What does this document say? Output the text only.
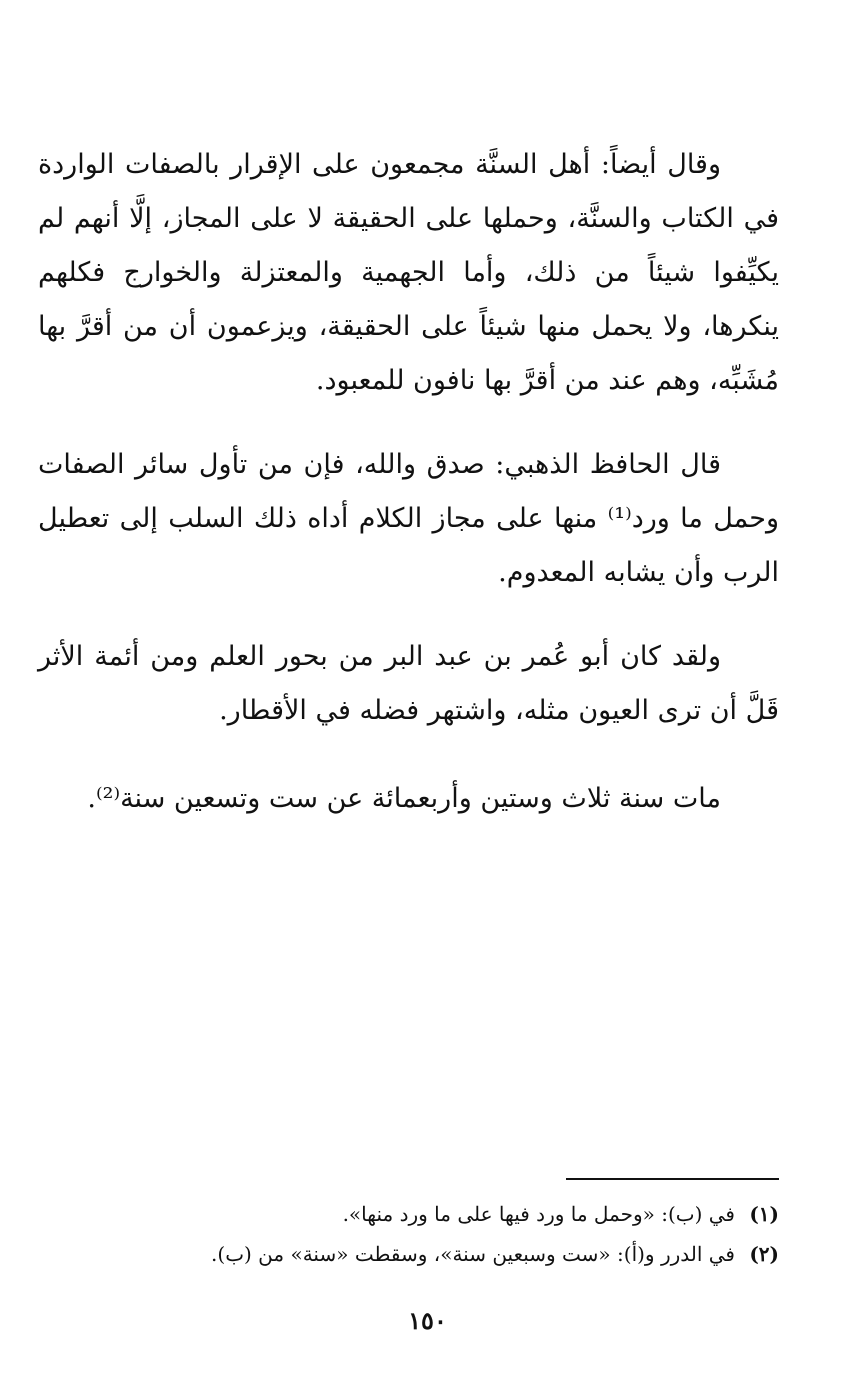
وقال أيضاً: أهل السنَّة مجمعون على الإقرار بالصفات الواردة في الكتاب والسنَّة، وحملها على الحقيقة لا على المجاز، إلَّا أنهم لم يكيِّفوا شيئاً من ذلك، وأما الجهمية والمعتزلة والخوارج فكلهم ينكرها، ولا يحمل منها شيئاً على الحقيقة، ويزعمون أن من أقرَّ بها مُشَبِّه، وهم عند من أقرَّ بها نافون للمعبود.

قال الحافظ الذهبي: صدق والله، فإن من تأول سائر الصفات وحمل ما ورد⁽¹⁾ منها على مجاز الكلام أداه ذلك السلب إلى تعطيل الرب وأن يشابه المعدوم.

ولقد كان أبو عُمر بن عبد البر من بحور العلم ومن أئمة الأثر قَلَّ أن ترى العيون مثله، واشتهر فضله في الأقطار.

مات سنة ثلاث وستين وأربعمائة عن ست وتسعين سنة⁽²⁾.

(١)
في (ب): «وحمل ما ورد فيها على ما ورد منها».
(٢)
في الدرر و(أ): «ست وسبعين سنة»، وسقطت «سنة» من (ب).
١٥٠
